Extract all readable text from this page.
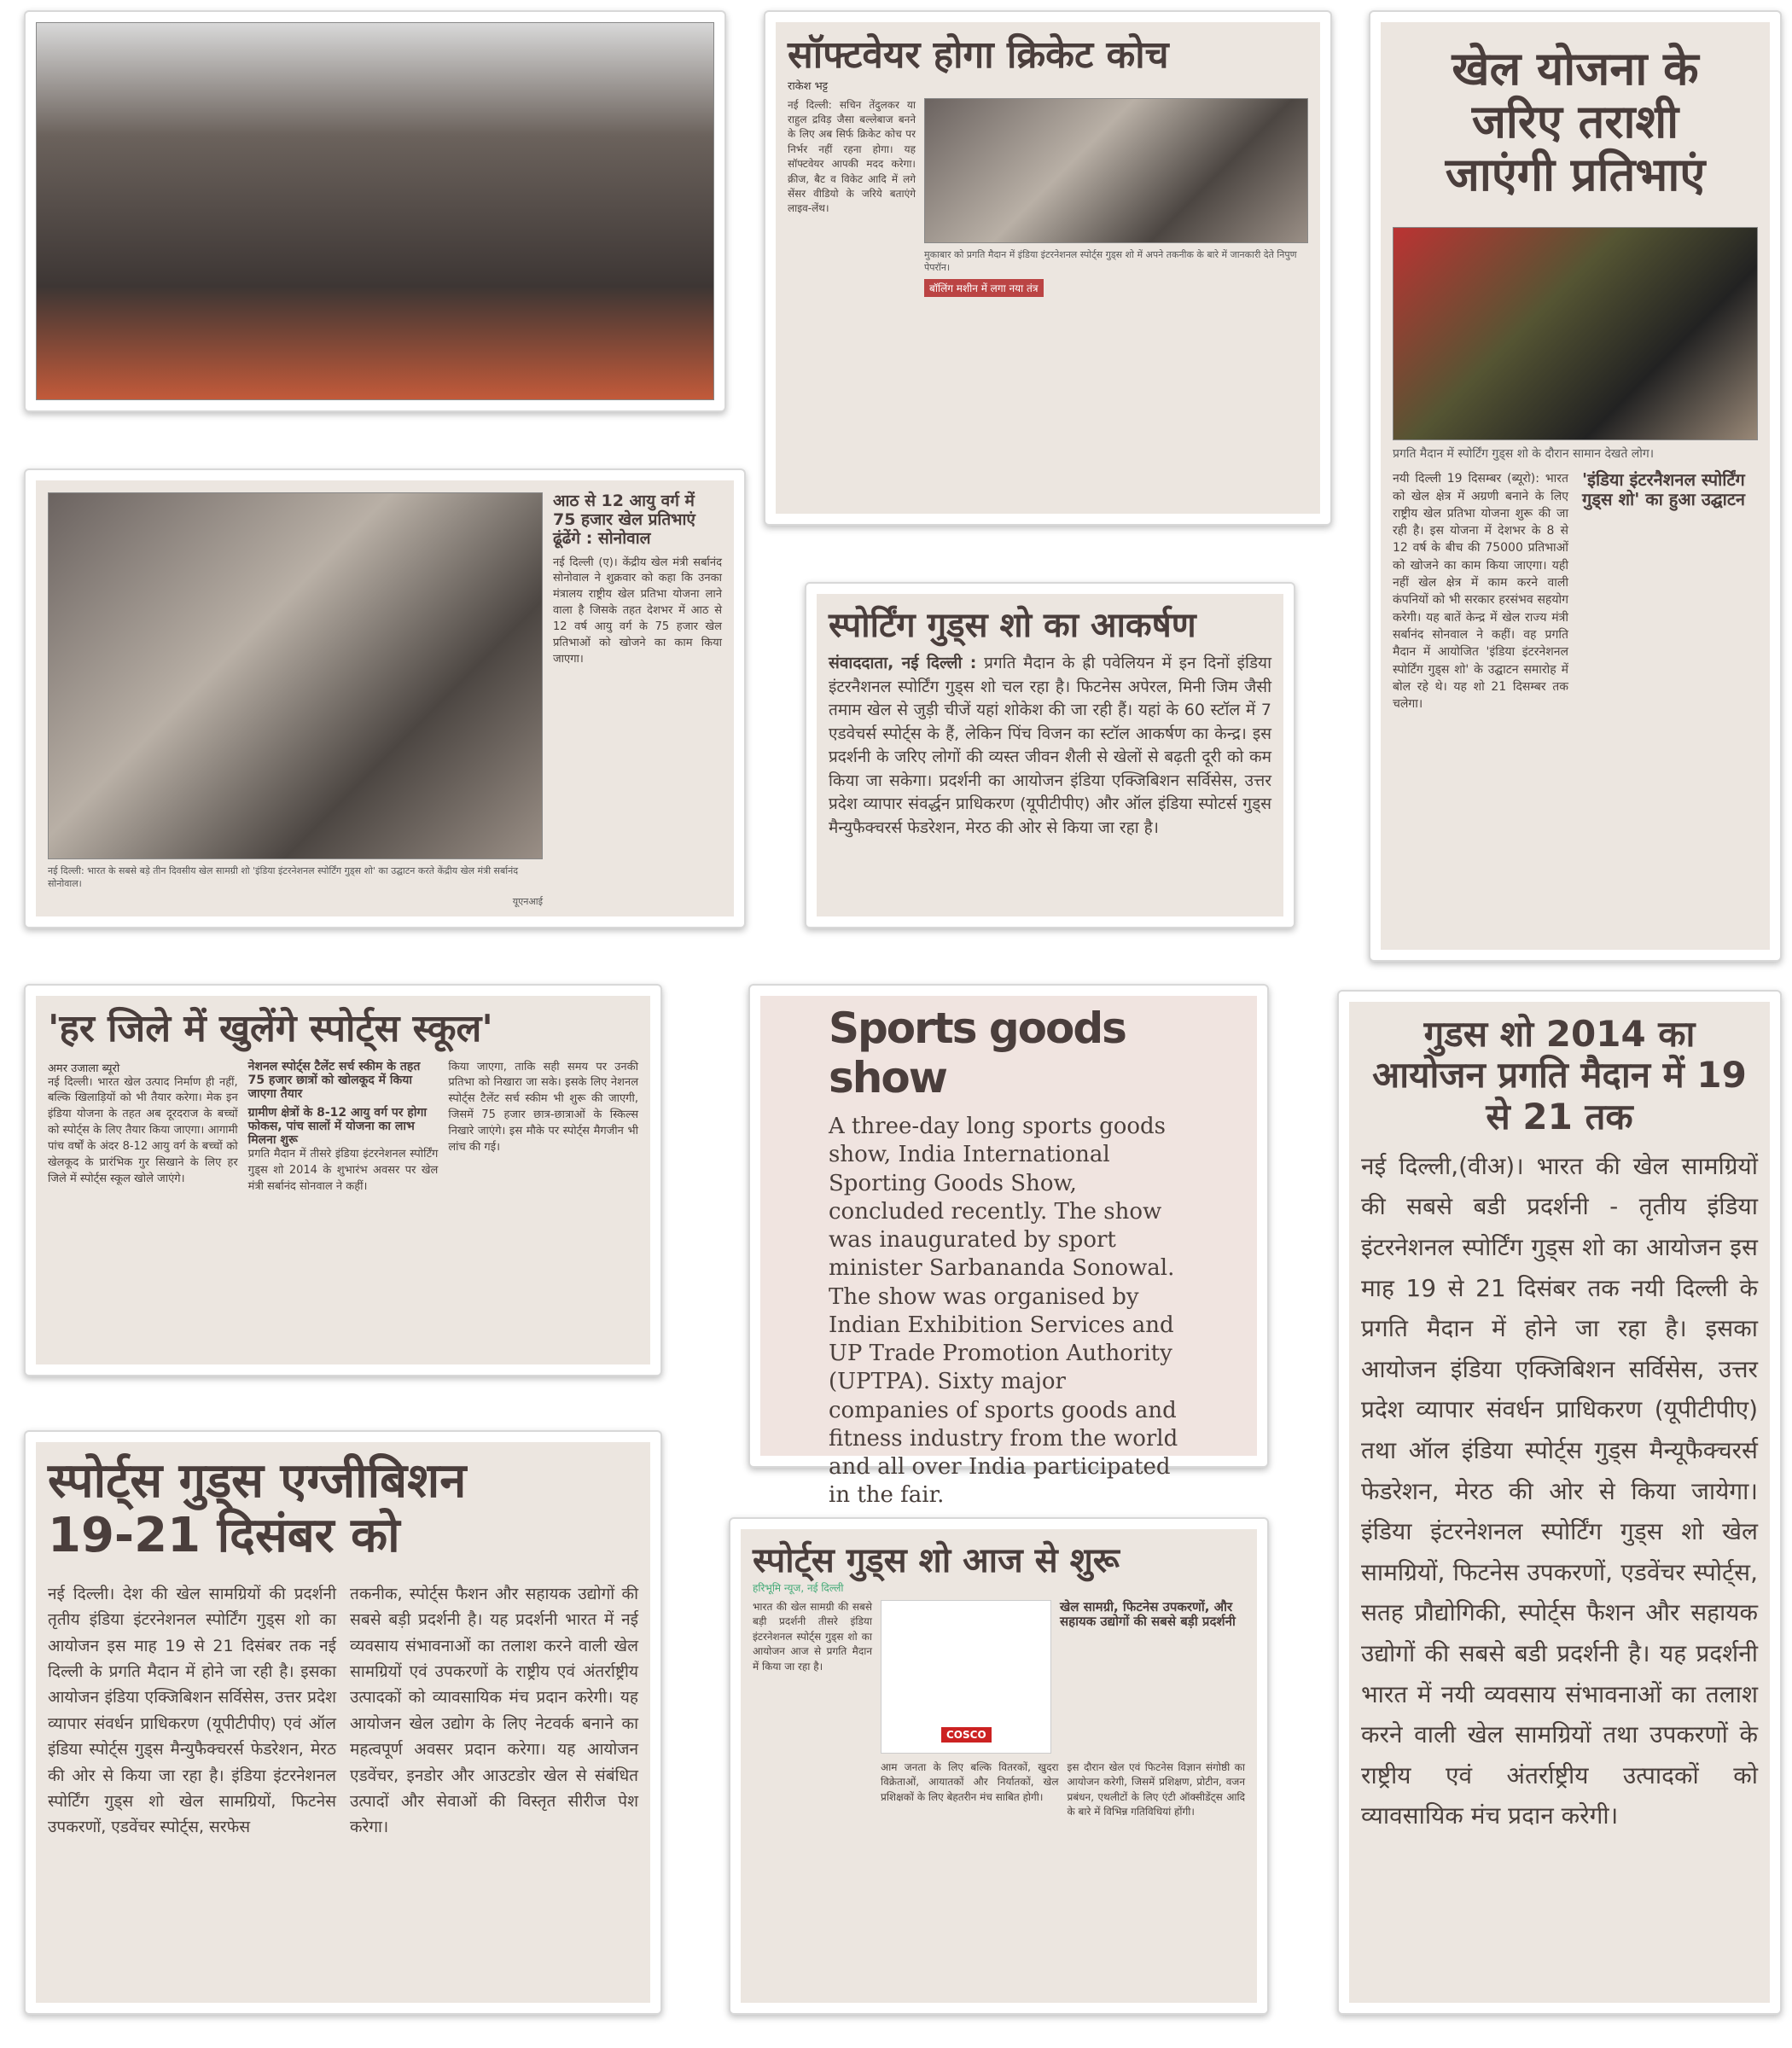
सॉफ्टवेयर होगा क्रिकेट कोच
राकेश भट्ट
नई दिल्ली: सचिन तेंदुलकर या राहुल द्रविड़ जैसा बल्लेबाज बनने के लिए अब सिर्फ क्रिकेट कोच पर निर्भर नहीं रहना होगा। यह सॉफ्टवेयर आपकी मदद करेगा। क्रीज, बैट व विकेट आदि में लगे सेंसर वीडियो के जरिये बताएंगे लाइव-लेंथ।
मुकाबार को प्रगति मैदान में इंडिया इंटरनेशनल स्पोर्ट्स गुड्स शो में अपने तकनीक के बारे में जानकारी देते निपुण पेपरॉन।
बॉलिंग मशीन में लगा नया तंत्र
खेल योजना के जरिए तराशी जाएंगी प्रतिभाएं
प्रगति मैदान में स्पोर्टिंग गुड्स शो के दौरान सामान देखते लोग।
नयी दिल्ली 19 दिसम्बर (ब्यूरो): भारत को खेल क्षेत्र में अग्रणी बनाने के लिए राष्ट्रीय खेल प्रतिभा योजना शुरू की जा रही है। इस योजना में देशभर के 8 से 12 वर्ष के बीच की 75000 प्रतिभाओं को खोजने का काम किया जाएगा। यही नहीं खेल क्षेत्र में काम करने वाली कंपनियों को भी सरकार हरसंभव सहयोग करेगी। यह बातें केन्द्र में खेल राज्य मंत्री सर्बानंद सोनवाल ने कहीं। वह प्रगति मैदान में आयोजित 'इंडिया इंटरनेशनल स्पोर्टिंग गुड्स शो' के उद्घाटन समारोह में बोल रहे थे। यह शो 21 दिसम्बर तक चलेगा।
'इंडिया इंटरनैशनल स्पोर्टिंग गुड्स शो' का हुआ उद्घाटन
नई दिल्ली: भारत के सबसे बड़े तीन दिवसीय खेल सामग्री शो 'इंडिया इंटरनेशनल स्पोर्टिंग गुड्स शो' का उद्घाटन करते केंद्रीय खेल मंत्री सर्बानंद सोनोवाल।
यूएनआई
आठ से 12 आयु वर्ग में 75 हजार खेल प्रतिभाएं ढूंढेंगे : सोनोवाल
नई दिल्ली (ए)। केंद्रीय खेल मंत्री सर्बानंद सोनोवाल ने शुक्रवार को कहा कि उनका मंत्रालय राष्ट्रीय खेल प्रतिभा योजना लाने वाला है जिसके तहत देशभर में आठ से 12 वर्ष आयु वर्ग के 75 हजार खेल प्रतिभाओं को खोजने का काम किया जाएगा।
स्पोर्टिंग गुड्स शो का आकर्षण
संवाददाता, नई दिल्ली : प्रगति मैदान के ह्री पवेलियन में इन दिनों इंडिया इंटरनैशनल स्पोर्टिंग गुड्स शो चल रहा है। फिटनेस अपेरल, मिनी जिम जैसी तमाम खेल से जुड़ी चीजें यहां शोकेश की जा रही हैं। यहां के 60 स्टॉल में 7 एडवेचर्स स्पोर्ट्स के हैं, लेकिन पिंच विजन का स्टॉल आकर्षण का केन्द्र। इस प्रदर्शनी के जरिए लोगों की व्यस्त जीवन शैली से खेलों से बढ़ती दूरी को कम किया जा सकेगा। प्रदर्शनी का आयोजन इंडिया एक्जिबिशन सर्विसेस, उत्तर प्रदेश व्यापार संवर्द्धन प्राधिकरण (यूपीटीपीए) और ऑल इंडिया स्पोटर्स गुड्स मैन्युफैक्चरर्स फेडरेशन, मेरठ की ओर से किया जा रहा है।
'हर जिले में खुलेंगे स्पोर्ट्स स्कूल'
अमर उजाला ब्यूरो
नई दिल्ली। भारत खेल उत्पाद निर्माण ही नहीं, बल्कि खिलाड़ियों को भी तैयार करेगा। मेक इन इंडिया योजना के तहत अब दूरदराज के बच्चों को स्पोर्ट्स के लिए तैयार किया जाएगा। आगामी पांच वर्षों के अंदर 8-12 आयु वर्ग के बच्चों को खेलकूद के प्रारंभिक गुर सिखाने के लिए हर जिले में स्पोर्ट्स स्कूल खोले जाएंगे।
नेशनल स्पोर्ट्स टैलेंट सर्च स्कीम के तहत 75 हजार छात्रों को खोलकूद में किया जाएगा तैयार
ग्रामीण क्षेत्रों के 8-12 आयु वर्ग पर होगा फोकस, पांच सालों में योजना का लाभ मिलना शुरू
प्रगति मैदान में तीसरे इंडिया इंटरनेशनल स्पोर्टिंग गुड्स शो 2014 के शुभारंभ अवसर पर खेल मंत्री सर्बानंद सोनवाल ने कहीं।
किया जाएगा, ताकि सही समय पर उनकी प्रतिभा को निखारा जा सके। इसके लिए नेशनल स्पोर्ट्स टैलेंट सर्च स्कीम भी शुरू की जाएगी, जिसमें 75 हजार छात्र-छात्राओं के स्किल्स निखारे जाएंगे। इस मौके पर स्पोर्ट्स मैगजीन भी लांच की गई।
Sports goods show
A three-day long sports goods show, India International Sporting Goods Show, concluded recently. The show was inaugurated by sport minister Sarbananda Sonowal. The show was organised by Indian Exhibition Services and UP Trade Promotion Authority (UPTPA). Sixty major companies of sports goods and fitness industry from the world and all over India participated in the fair.
गुडस शो 2014 का आयोजन प्रगति मैदान में 19 से 21 तक
नई दिल्ली,(वीअ)। भारत की खेल सामग्रियों की सबसे बडी प्रदर्शनी - तृतीय इंडिया इंटरनेशनल स्पोर्टिंग गुड्स शो का आयोजन इस माह 19 से 21 दिसंबर तक नयी दिल्ली के प्रगति मैदान में होने जा रहा है। इसका आयोजन इंडिया एक्जिबिशन सर्विसेस, उत्तर प्रदेश व्यापार संवर्धन प्राधिकरण (यूपीटीपीए) तथा ऑल इंडिया स्पोर्ट्स गुड्स मैन्यूफैक्चरर्स फेडरेशन, मेरठ की ओर से किया जायेगा। इंडिया इंटरनेशनल स्पोर्टिंग गुड्स शो खेल सामग्रियों, फिटनेस उपकरणों, एडवेंचर स्पोर्ट्स, सतह प्रौद्योगिकी, स्पोर्ट्स फैशन और सहायक उद्योगों की सबसे बडी प्रदर्शनी है। यह प्रदर्शनी भारत में नयी व्यवसाय संभावनाओं का तलाश करने वाली खेल सामग्रियों तथा उपकरणों के राष्ट्रीय एवं अंतर्राष्ट्रीय उत्पादकों को व्यावसायिक मंच प्रदान करेगी।
स्पोर्ट्स गुड्स एग्जीबिशन
19-21 दिसंबर को
नई दिल्ली। देश की खेल सामग्रियों की प्रदर्शनी तृतीय इंडिया इंटरनेशनल स्पोर्टिंग गुड्स शो का आयोजन इस माह 19 से 21 दिसंबर तक नई दिल्ली के प्रगति मैदान में होने जा रही है। इसका आयोजन इंडिया एक्जिबिशन सर्विसेस, उत्तर प्रदेश व्यापार संवर्धन प्राधिकरण (यूपीटीपीए) एवं ऑल इंडिया स्पोर्ट्स गुड्स मैन्युफैक्चरर्स फेडरेशन, मेरठ की ओर से किया जा रहा है। इंडिया इंटरनेशनल स्पोर्टिंग गुड्स शो खेल सामग्रियों, फिटनेस उपकरणों, एडवेंचर स्पोर्ट्स, सरफेस
तकनीक, स्पोर्ट्स फैशन और सहायक उद्योगों की सबसे बड़ी प्रदर्शनी है। यह प्रदर्शनी भारत में नई व्यवसाय संभावनाओं का तलाश करने वाली खेल सामग्रियों एवं उपकरणों के राष्ट्रीय एवं अंतर्राष्ट्रीय उत्पादकों को व्यावसायिक मंच प्रदान करेगी। यह आयोजन खेल उद्योग के लिए नेटवर्क बनाने का महत्वपूर्ण अवसर प्रदान करेगा। यह आयोजन एडवेंचर, इनडोर और आउटडोर खेल से संबंधित उत्पादों और सेवाओं की विस्तृत सीरीज पेश करेगा।
स्पोर्ट्स गुड्स शो आज से शुरू
हरिभूमि न्यूज, नई दिल्ली
भारत की खेल सामग्री की सबसे बड़ी प्रदर्शनी तीसरे इंडिया इंटरनेशनल स्पोर्ट्स गुड्स शो का आयोजन आज से प्रगति मैदान में किया जा रहा है।
COSCO
खेल सामग्री, फिटनेस उपकरणों, और सहायक उद्योगों की सबसे बड़ी प्रदर्शनी
आम जनता के लिए बल्कि वितरकों, खुदरा विक्रेताओं, आयातकों और निर्यातकों, खेल प्रशिक्षकों के लिए बेहतरीन मंच साबित होगी।
इस दौरान खेल एवं फिटनेस विज्ञान संगोष्ठी का आयोजन करेगी, जिसमें प्रशिक्षण, प्रोटीन, वजन प्रबंधन, एथलीटों के लिए एंटी ऑक्सीडेंट्स आदि के बारे में विभिन्न गतिविधियां होंगी।
